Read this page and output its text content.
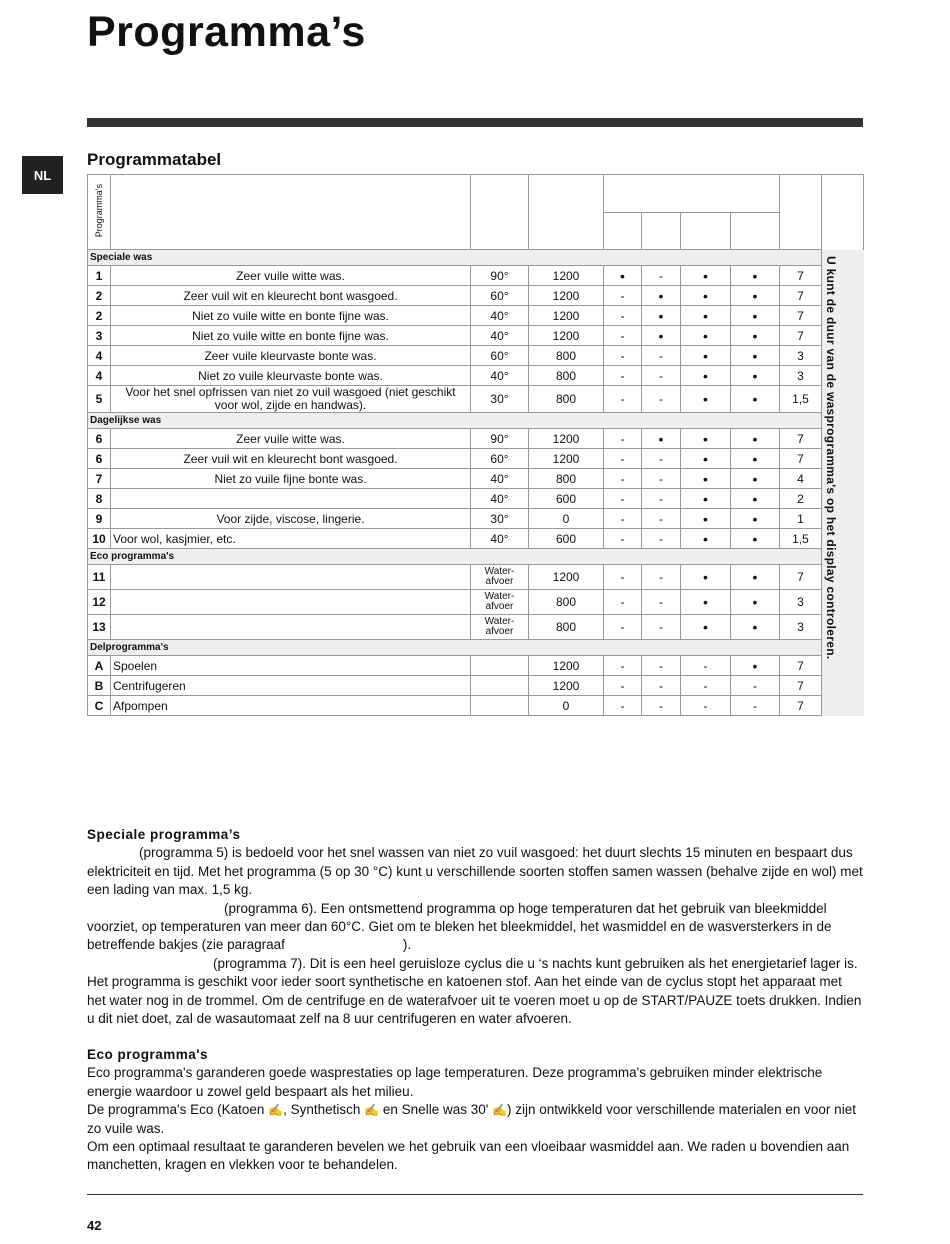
Programma’s
NL
Programmatabel
Programma's									

Speciale was									U kunt de duur van de wasprogramma's op het display controleren.
1	Zeer vuile witte was.	90°	1200	•	-	•	•	7	
2	Zeer vuil wit en kleurecht bont wasgoed.	60°	1200	-	•	•	•	7	
2	Niet zo vuile witte en bonte fijne was.	40°	1200	-	•	•	•	7	
3	Niet zo vuile witte en bonte fijne was.	40°	1200	-	•	•	•	7	
4	Zeer vuile kleurvaste bonte was.	60°	800	-	-	•	•	3	
4	Niet zo vuile kleurvaste bonte was.	40°	800	-	-	•	•	3	
5	Voor het snel opfrissen van niet zo vuil wasgoed (niet geschikt voor wol, zijde en handwas).	30°	800	-	-	•	•	1,5	
Dagelijkse was									
6	Zeer vuile witte was.	90°	1200	-	•	•	•	7	
6	Zeer vuil wit en kleurecht bont wasgoed.	60°	1200	-	-	•	•	7	
7	Niet zo vuile fijne bonte was.	40°	800	-	-	•	•	4	
8		40°	600	-	-	•	•	2	
9	Voor zijde, viscose, lingerie.	30°	0	-	-	•	•	1	
10	Voor wol, kasjmier, etc.	40°	600	-	-	•	•	1,5	
Eco programma's									
11		Water-afvoer	1200	-	-	•	•	7	
12		Water-afvoer	800	-	-	•	•	3	
13		Water-afvoer	800	-	-	•	•	3	
Delprogramma's									
A	Spoelen		1200	-	-	-	•	7	
B	Centrifugeren		1200	-	-	-	-	7	
C	Afpompen		0	-	-	-	-	7	
Speciale programma’s

(programma 5) is bedoeld voor het snel wassen van niet zo vuil wasgoed: het duurt slechts 15 minuten en bespaart dus elektriciteit en tijd. Met het programma (5 op 30 °C) kunt u verschillende soorten stoffen samen wassen (behalve zijde en wol) met een lading van max. 1,5 kg.

(programma 6). Een ontsmettend programma op hoge temperaturen dat het gebruik van bleekmiddel voorziet, op temperaturen van meer dan 60°C. Giet om te bleken het bleekmiddel, het wasmiddel en de wasversterkers in de betreffende bakjes (zie paragraaf	).

(programma 7). Dit is een heel geruisloze cyclus die u ‘s nachts kunt gebruiken als het energietarief lager is. Het programma is geschikt voor ieder soort synthetische en katoenen stof. Aan het einde van de cyclus stopt het apparaat met het water nog in de trommel. Om de centrifuge en de waterafvoer uit te voeren moet u op de START/PAUZE toets drukken. Indien u dit niet doet, zal de wasautomaat zelf na 8 uur centrifugeren en water afvoeren.

Eco programma's

Eco programma's garanderen goede wasprestaties op lage temperaturen. Deze programma's gebruiken minder elektrische energie waardoor u zowel geld bespaart als het milieu.

De programma's Eco (Katoen ✍, Synthetisch ✍ en Snelle was 30' ✍) zijn ontwikkeld voor verschillende materialen en voor niet zo vuile was.

Om een optimaal resultaat te garanderen bevelen we het gebruik van een vloeibaar wasmiddel aan. We raden u bovendien aan manchetten, kragen en vlekken voor te behandelen.

42
